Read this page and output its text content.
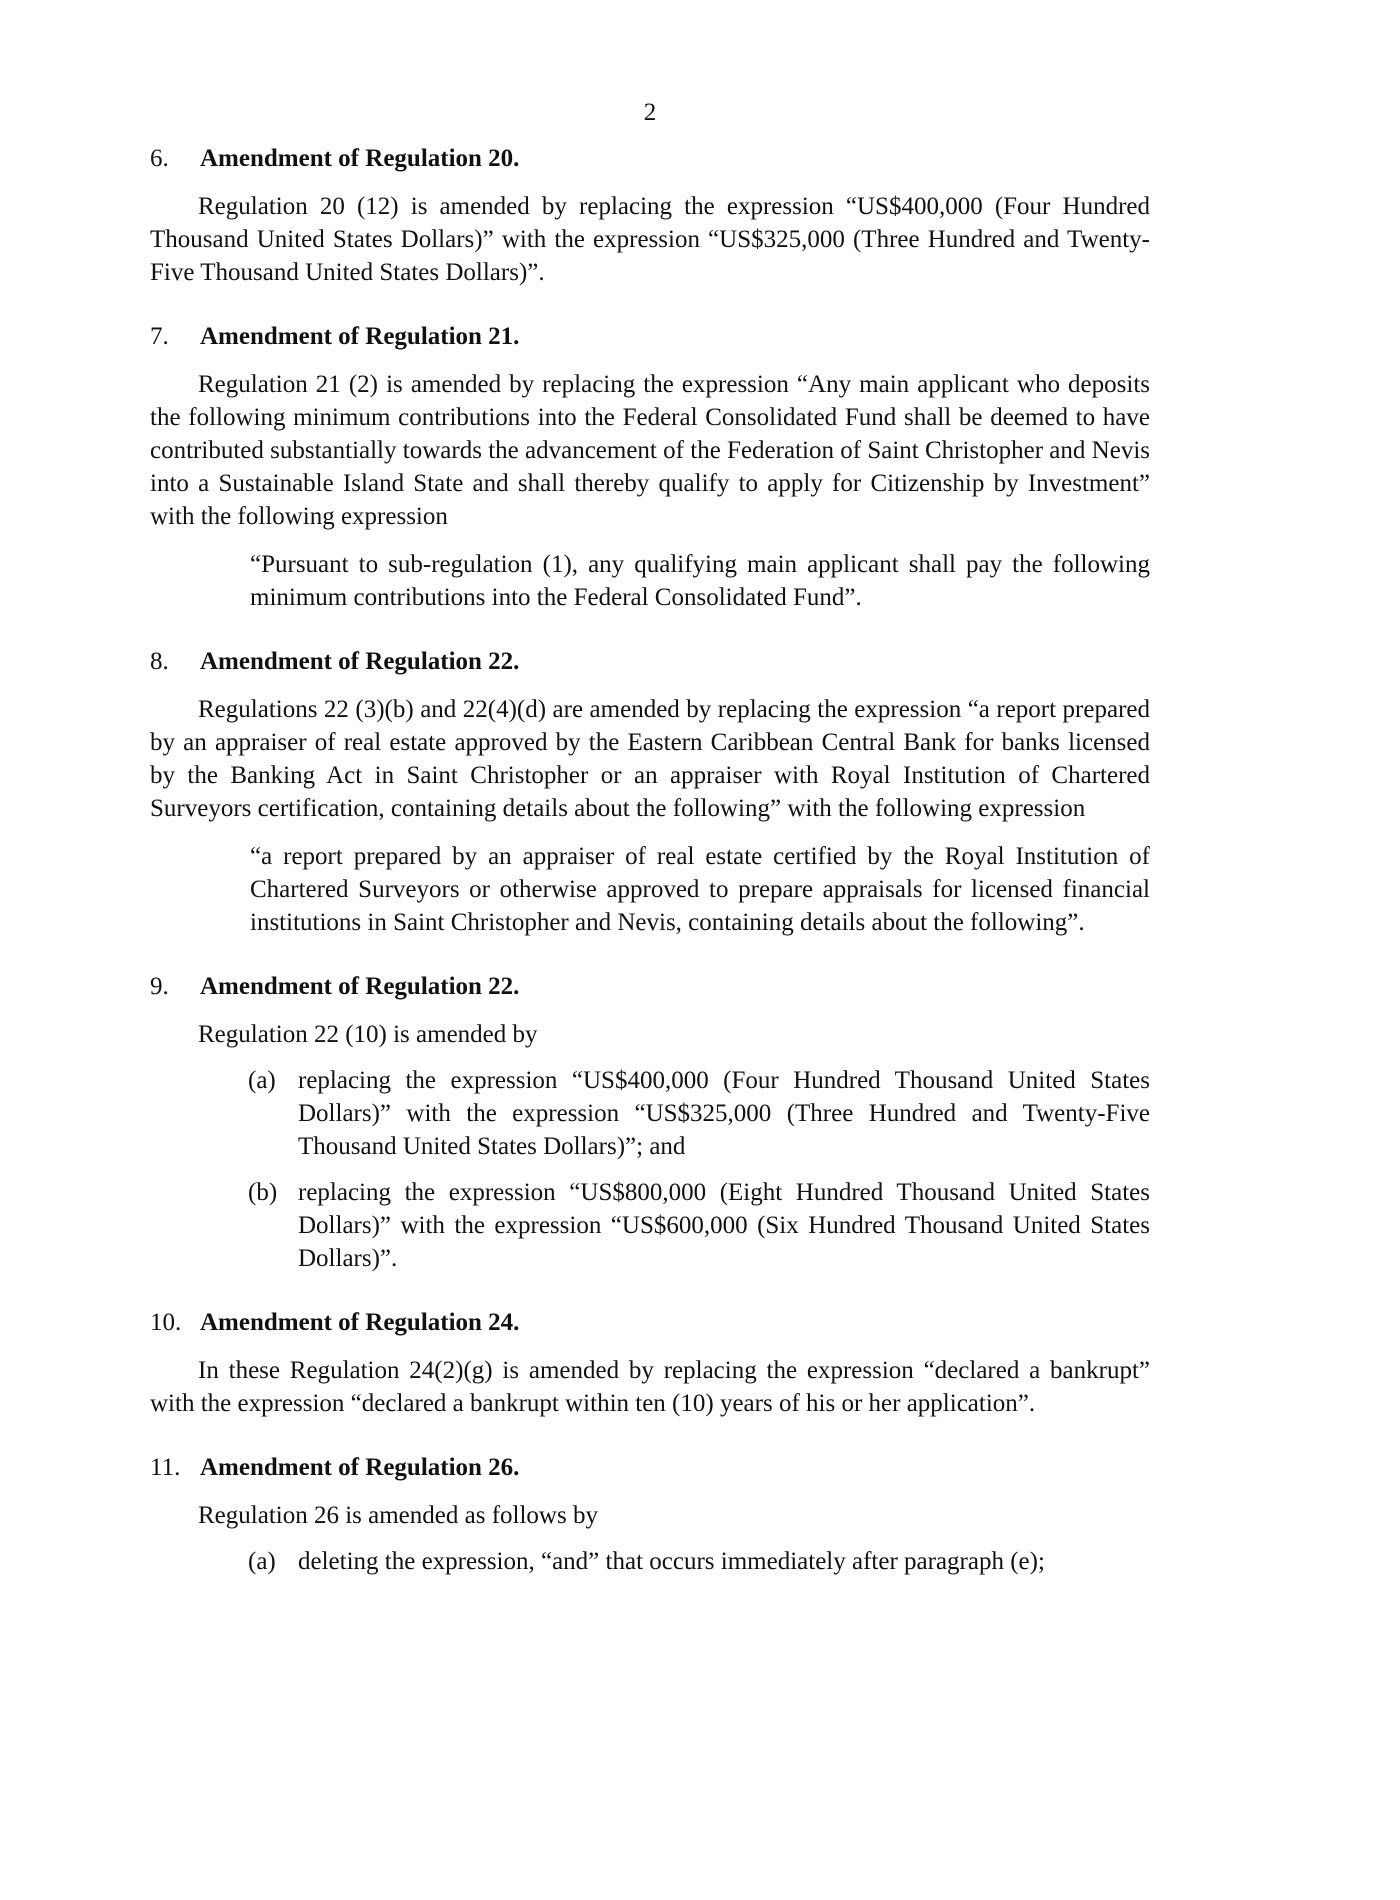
2
6.	Amendment of Regulation 20.

Regulation 20 (12) is amended by replacing the expression “US$400,000 (Four Hundred Thousand United States Dollars)” with the expression “US$325,000 (Three Hundred and Twenty-Five Thousand United States Dollars)”.

7.	Amendment of Regulation 21.

Regulation 21 (2) is amended by replacing the expression “Any main applicant who deposits the following minimum contributions into the Federal Consolidated Fund shall be deemed to have contributed substantially towards the advancement of the Federation of Saint Christopher and Nevis into a Sustainable Island State and shall thereby qualify to apply for Citizenship by Investment” with the following expression

“Pursuant to sub-regulation (1), any qualifying main applicant shall pay the following minimum contributions into the Federal Consolidated Fund”.

8.	Amendment of Regulation 22.

Regulations 22 (3)(b) and 22(4)(d) are amended by replacing the expression “a report prepared by an appraiser of real estate approved by the Eastern Caribbean Central Bank for banks licensed by the Banking Act in Saint Christopher or an appraiser with Royal Institution of Chartered Surveyors certification, containing details about the following” with the following expression

“a report prepared by an appraiser of real estate certified by the Royal Institution of Chartered Surveyors or otherwise approved to prepare appraisals for licensed financial institutions in Saint Christopher and Nevis, containing details about the following”.

9.	Amendment of Regulation 22.

Regulation 22 (10) is amended by

(a) replacing the expression “US$400,000 (Four Hundred Thousand United States Dollars)” with the expression “US$325,000 (Three Hundred and Twenty-Five Thousand United States Dollars)”; and
(b) replacing the expression “US$800,000 (Eight Hundred Thousand United States Dollars)” with the expression “US$600,000 (Six Hundred Thousand United States Dollars)”.
10. Amendment of Regulation 24.

In these Regulation 24(2)(g) is amended by replacing the expression “declared a bankrupt” with the expression “declared a bankrupt within ten (10) years of his or her application”.

11. Amendment of Regulation 26.

Regulation 26 is amended as follows by

(a) deleting the expression, “and” that occurs immediately after paragraph (e);
